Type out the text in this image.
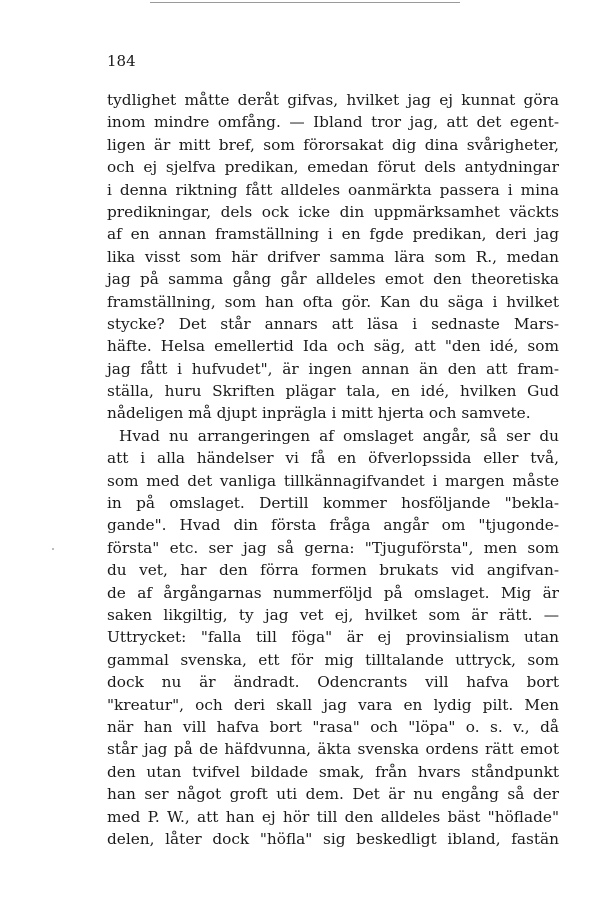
184
tydlighet måtte deråt gifvas, hvilket jag ej kunnat göra
inom mindre omfång. — Ibland tror jag, att det egent-
ligen är mitt bref, som förorsakat dig dina svårigheter,
och ej sjelfva predikan, emedan förut dels antydningar
i denna riktning fått alldeles oanmärkta passera i mina
predikningar, dels ock icke din uppmärksamhet väckts
af en annan framställning i en fgde predikan, deri jag
lika visst som här drifver samma lära som R., medan
jag på samma gång går alldeles emot den theoretiska
framställning, som han ofta gör. Kan du säga i hvilket
stycke? Det står annars att läsa i sednaste Mars-
häfte. Helsa emellertid Ida och säg, att "den idé, som
jag fått i hufvudet", är ingen annan än den att fram-
ställa, huru Skriften plägar tala, en idé, hvilken Gud
nådeligen må djupt inprägla i mitt hjerta och samvete.
Hvad nu arrangeringen af omslaget angår, så ser du
att i alla händelser vi få en öfverlopssida eller två,
som med det vanliga tillkännagifvandet i margen måste
in på omslaget. Dertill kommer hosföljande "bekla-
gande". Hvad din första fråga angår om "tjugonde-
första" etc. ser jag så gerna: "Tjuguförsta", men som
du vet, har den förra formen brukats vid angifvan-
de af årgångarnas nummerföljd på omslaget. Mig är
saken likgiltig, ty jag vet ej, hvilket som är rätt. —
Uttrycket: "falla till föga" är ej provinsialism utan
gammal svenska, ett för mig tilltalande uttryck, som
dock nu är ändradt. Odencrants vill hafva bort
"kreatur", och deri skall jag vara en lydig pilt. Men
när han vill hafva bort "rasa" och "löpa" o. s. v., då
står jag på de häfdvunna, äkta svenska ordens rätt emot
den utan tvifvel bildade smak, från hvars ståndpunkt
han ser något groft uti dem. Det är nu engång så der
med P. W., att han ej hör till den alldeles bäst "höflade"
delen, låter dock "höfla" sig beskedligt ibland, fastän
